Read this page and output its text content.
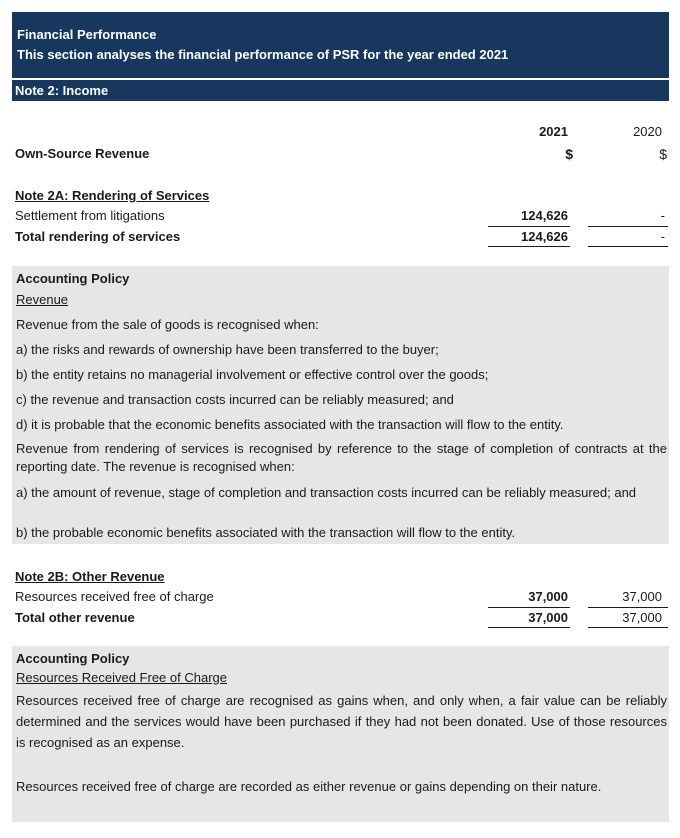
Financial Performance
This section analyses the financial performance of PSR for the year ended 2021
Note 2: Income
2021	2020
Own-Source Revenue	$	$
Note 2A: Rendering of Services
Settlement from litigations	124,626	-
Total rendering of services	124,626	-
Accounting Policy
Revenue
Revenue from the sale of goods is recognised when:
a) the risks and rewards of ownership have been transferred to the buyer;
b) the entity retains no managerial involvement or effective control over the goods;
c) the revenue and transaction costs incurred can be reliably measured; and
d) it is probable that the economic benefits associated with the transaction will flow to the entity.
Revenue from rendering of services is recognised by reference to the stage of completion of contracts at the reporting date. The revenue is recognised when:
a) the amount of revenue, stage of completion and transaction costs incurred can be reliably measured; and
b) the probable economic benefits associated with the transaction will flow to the entity.
Note 2B: Other Revenue
Resources received free of charge	37,000	37,000
Total other revenue	37,000	37,000
Accounting Policy
Resources Received Free of Charge
Resources received free of charge are recognised as gains when, and only when, a fair value can be reliably determined and the services would have been purchased if they had not been donated. Use of those resources is recognised as an expense.
Resources received free of charge are recorded as either revenue or gains depending on their nature.
